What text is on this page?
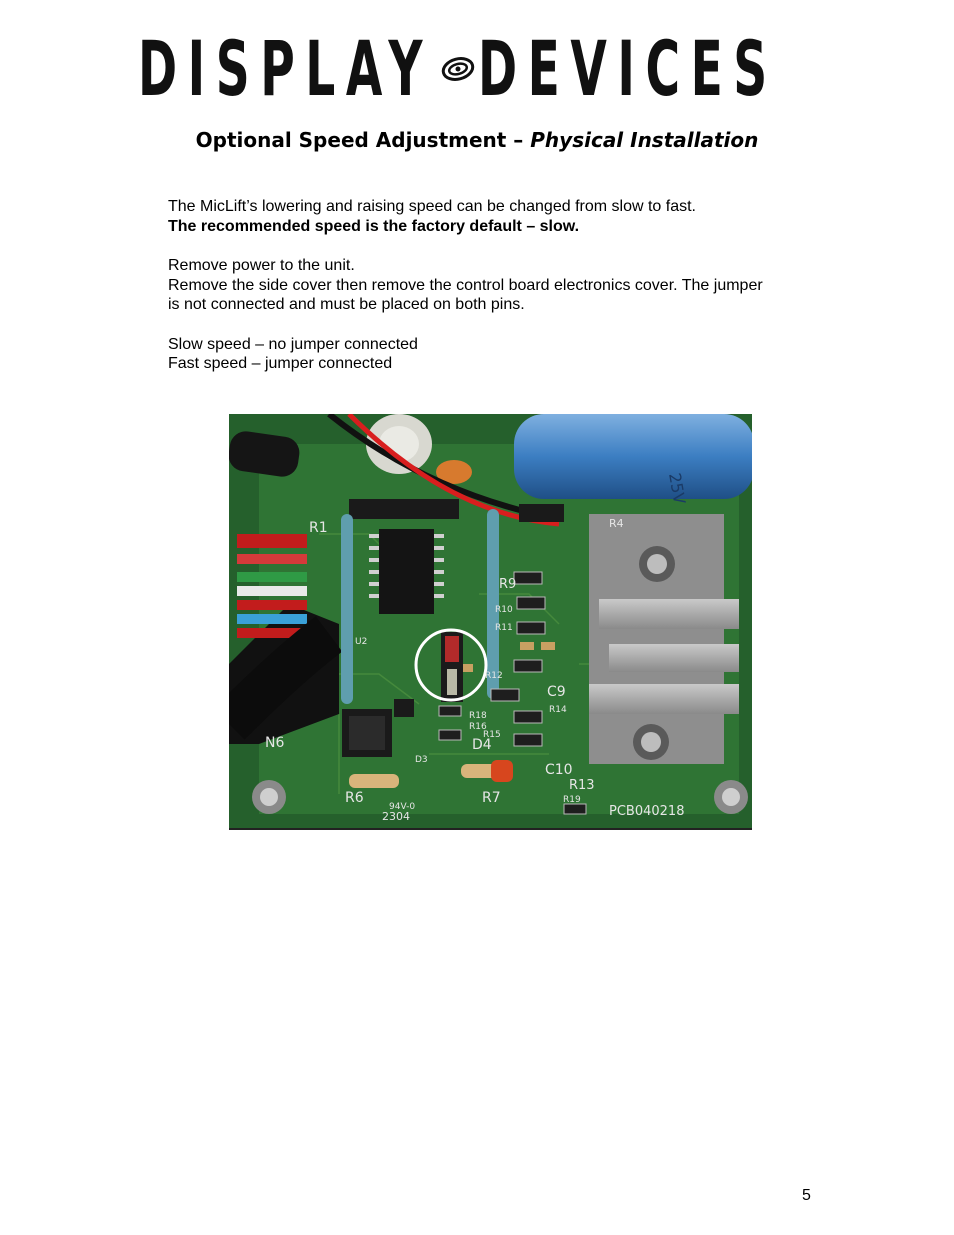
DISPLAY DEVICES
Optional Speed Adjustment – Physical Installation

The MicLift’s lowering and raising speed can be changed from slow to fast.

The recommended speed is the factory default – slow.

Remove power to the unit.

Remove the side cover then remove the control board electronics cover. The jumper

is not connected and must be placed on both pins.

Slow speed – no jumper connected

Fast speed – jumper connected

25V
R1
U2
N6
D3
R6	R7
R18
R16
R15
D4
R9
R10
R11
R12
C9
C10
R13
R14
R19
R4
PCB040218
94V-0
2304
5
